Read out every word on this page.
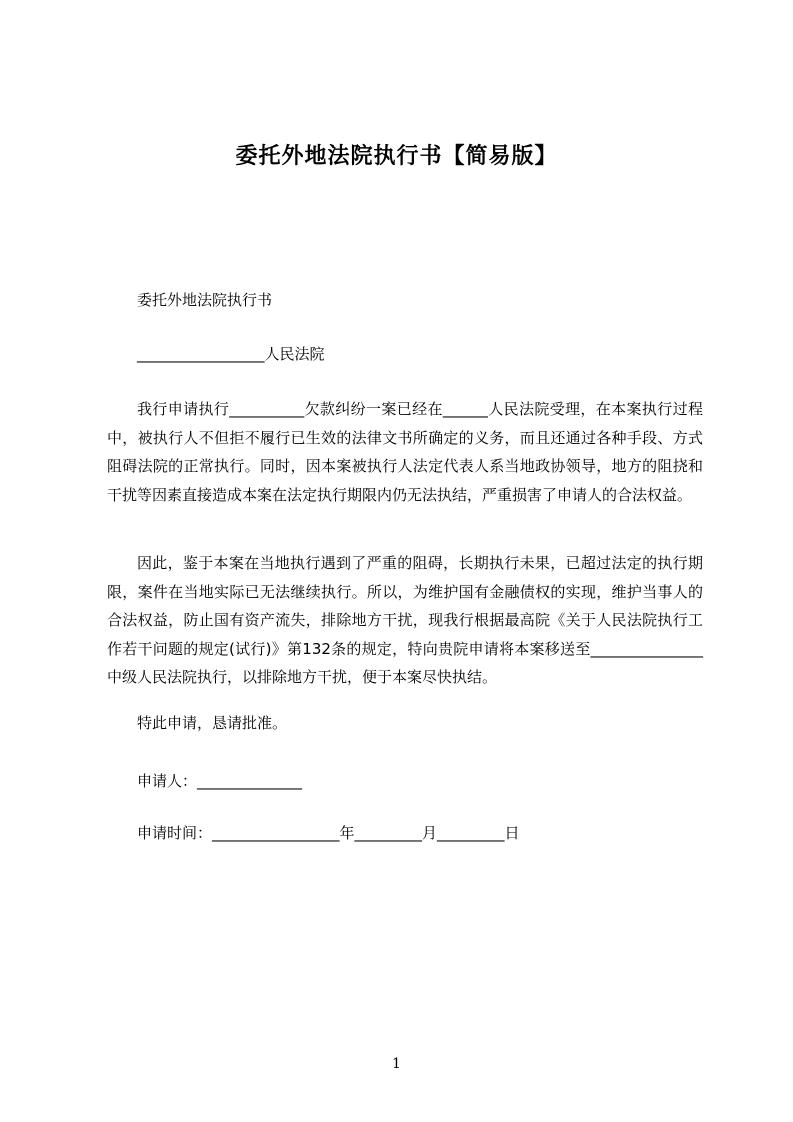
委托外地法院执行书【简易版】
委托外地法院执行书
_________________人民法院
我行申请执行__________欠款纠纷一案已经在______人民法院受理，在本案执行过程中，被执行人不但拒不履行已生效的法律文书所确定的义务，而且还通过各种手段、方式阻碍法院的正常执行。同时，因本案被执行人法定代表人系当地政协领导，地方的阻挠和干扰等因素直接造成本案在法定执行期限内仍无法执结，严重损害了申请人的合法权益。
因此，鉴于本案在当地执行遇到了严重的阻碍，长期执行未果，已超过法定的执行期限，案件在当地实际已无法继续执行。所以，为维护国有金融债权的实现，维护当事人的合法权益，防止国有资产流失，排除地方干扰，现我行根据最高院《关于人民法院执行工作若干问题的规定(试行)》第132条的规定，特向贵院申请将本案移送至_______________中级人民法院执行，以排除地方干扰，便于本案尽快执结。
特此申请，恳请批准。
申请人：______________
申请时间：_________________年_________月_________日
1
